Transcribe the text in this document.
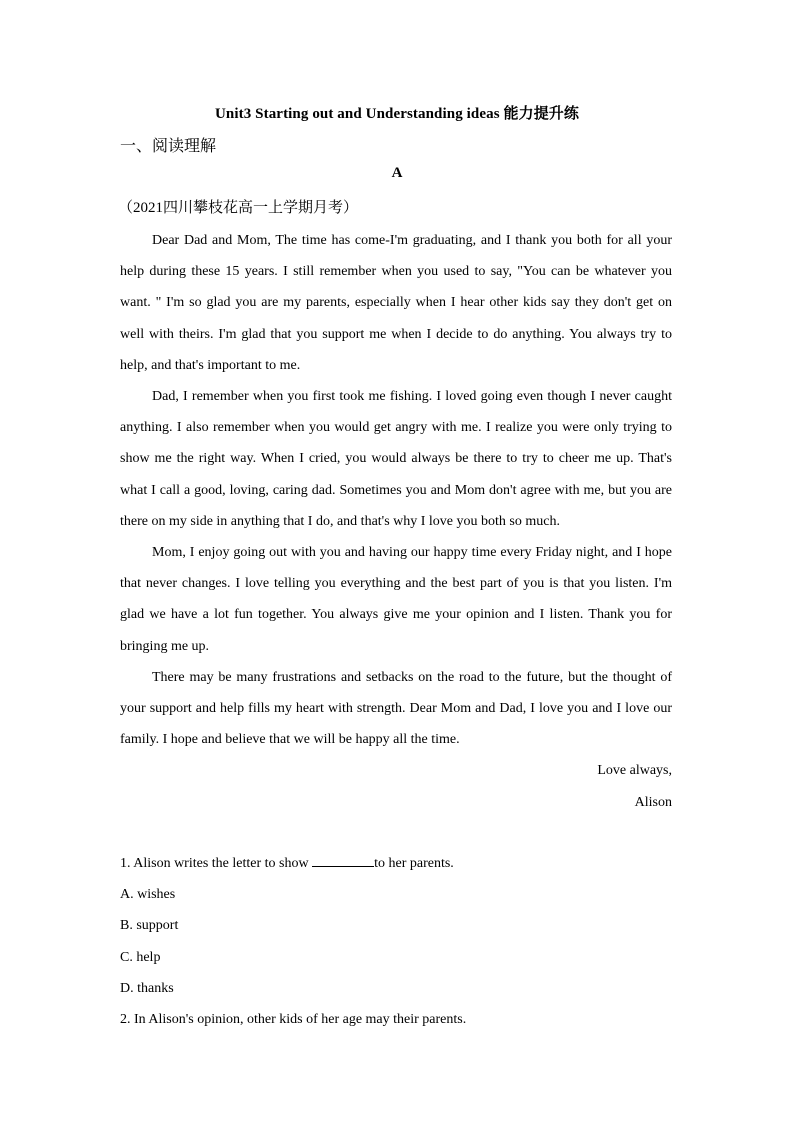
Unit3 Starting out and Understanding ideas 能力提升练
一、阅读理解
A
（2021四川攀枝花高一上学期月考）

Dear Dad and Mom, The time has come-I'm graduating, and I thank you both for all your help during these 15 years. I still remember when you used to say, "You can be whatever you want. " I'm so glad you are my parents, especially when I hear other kids say they don't get on well with theirs. I'm glad that you support me when I decide to do anything. You always try to help, and that's important to me.

Dad, I remember when you first took me fishing. I loved going even though I never caught anything. I also remember when you would get angry with me. I realize you were only trying to show me the right way. When I cried, you would always be there to try to cheer me up. That's what I call a good, loving, caring dad. Sometimes you and Mom don't agree with me, but you are there on my side in anything that I do, and that's why I love you both so much.

Mom, I enjoy going out with you and having our happy time every Friday night, and I hope that never changes. I love telling you everything and the best part of you is that you listen. I'm glad we have a lot fun together. You always give me your opinion and I listen. Thank you for bringing me up.

There may be many frustrations and setbacks on the road to the future, but the thought of your support and help fills my heart with strength. Dear Mom and Dad, I love you and I love our family. I hope and believe that we will be happy all the time.

Love always,
Alison
1. Alison writes the letter to show	to her parents.
A. wishes
B. support
C. help
D. thanks
2. In Alison's opinion, other kids of her age may their parents.
